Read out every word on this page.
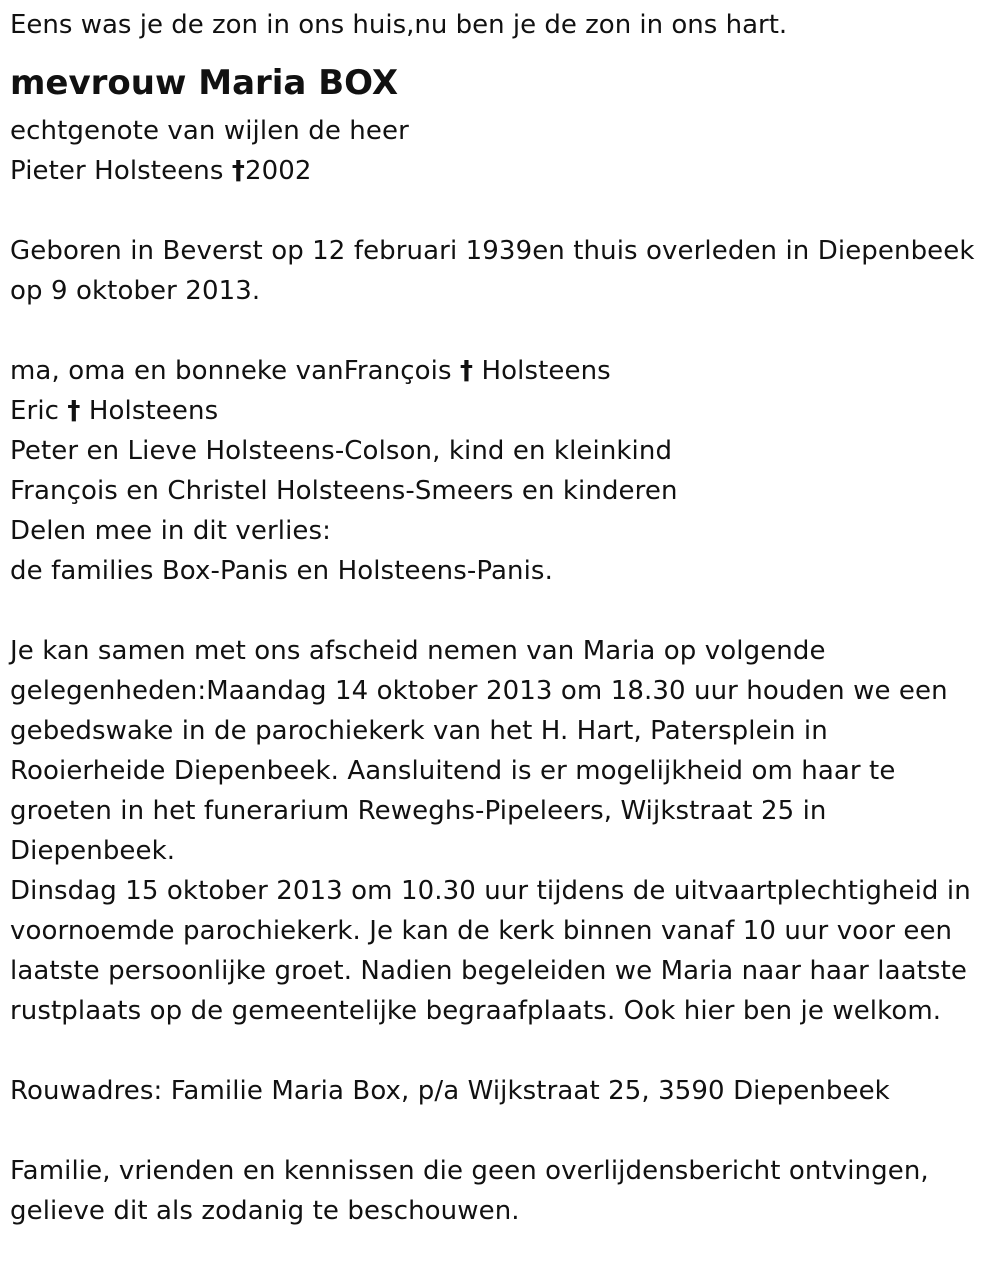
Eens was je de zon in ons huis,nu ben je de zon in ons hart.
mevrouw Maria BOX
echtgenote van wijlen de heer
Pieter Holsteens †2002
Geboren in Beverst op 12 februari 1939en thuis overleden in Diepenbeek
op 9 oktober 2013.
ma, oma en bonneke vanFrançois † Holsteens
Eric † Holsteens
Peter en Lieve Holsteens-Colson, kind en kleinkind
François en Christel Holsteens-Smeers en kinderen
Delen mee in dit verlies:
de families Box-Panis en Holsteens-Panis.
Je kan samen met ons afscheid nemen van Maria op volgende
gelegenheden:Maandag 14 oktober 2013 om 18.30 uur houden we een
gebedswake in de parochiekerk van het H. Hart, Patersplein in
Rooierheide Diepenbeek. Aansluitend is er mogelijkheid om haar te
groeten in het funerarium Reweghs-Pipeleers, Wijkstraat 25 in
Diepenbeek.
Dinsdag 15 oktober 2013 om 10.30 uur tijdens de uitvaartplechtigheid in
voornoemde parochiekerk. Je kan de kerk binnen vanaf 10 uur voor een
laatste persoonlijke groet. Nadien begeleiden we Maria naar haar laatste
rustplaats op de gemeentelijke begraafplaats. Ook hier ben je welkom.
Rouwadres: Familie Maria Box, p/a Wijkstraat 25, 3590 Diepenbeek
Familie, vrienden en kennissen die geen overlijdensbericht ontvingen,
gelieve dit als zodanig te beschouwen.
